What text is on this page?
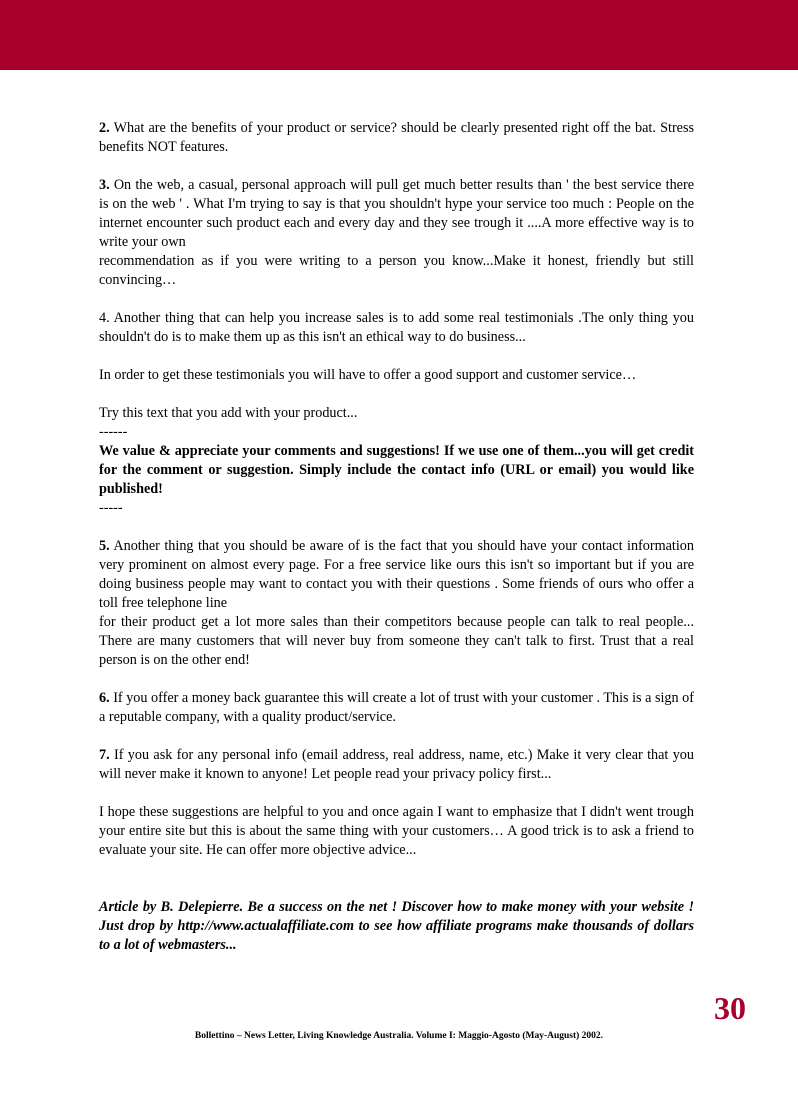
2. What are the benefits of your product or service? should be clearly presented right off the bat. Stress benefits NOT features.

3. On the web, a casual, personal approach will pull get much better results than ' the best service there is on the web ' . What I'm trying to say is that you shouldn't hype your service too much : People on the internet encounter such product each and every day and they see trough it ....A more effective way is to write your own

recommendation as if you were writing to a person you know...Make it honest, friendly but still convincing…

4. Another thing that can help you increase sales is to add some real testimonials .The only thing you shouldn't do is to make them up as this isn't an ethical way to do business...

In order to get these testimonials you will have to offer a good support and customer service…

Try this text that you add with your product...
------

We value & appreciate your comments and suggestions! If we use one of them...you will get credit for the comment or suggestion. Simply include the contact info (URL or email) you would like published!

-----

5. Another thing that you should be aware of is the fact that you should have your contact information very prominent on almost every page. For a free service like ours this isn't so important but if you are doing business people may want to contact you with their questions . Some friends of ours who offer a toll free telephone line

for their product get a lot more sales than their competitors because people can talk to real people... There are many customers that will never buy from someone they can't talk to first. Trust that a real person is on the other end!

6. If you offer a money back guarantee this will create a lot of trust with your customer . This is a sign of a reputable company, with a quality product/service.

7. If you ask for any personal info (email address, real address, name, etc.) Make it very clear that you will never make it known to anyone! Let people read your privacy policy first...

I hope these suggestions are helpful to you and once again I want to emphasize that I didn't went trough your entire site but this is about the same thing with your customers… A good trick is to ask a friend to evaluate your site. He can offer more objective advice...

Article by B. Delepierre. Be a success on the net ! Discover how to make money with your website ! Just drop by http://www.actualaffiliate.com to see how affiliate programs make thousands of dollars to a lot of webmasters...

30
Bollettino – News Letter, Living Knowledge Australia. Volume I: Maggio-Agosto (May-August) 2002.
